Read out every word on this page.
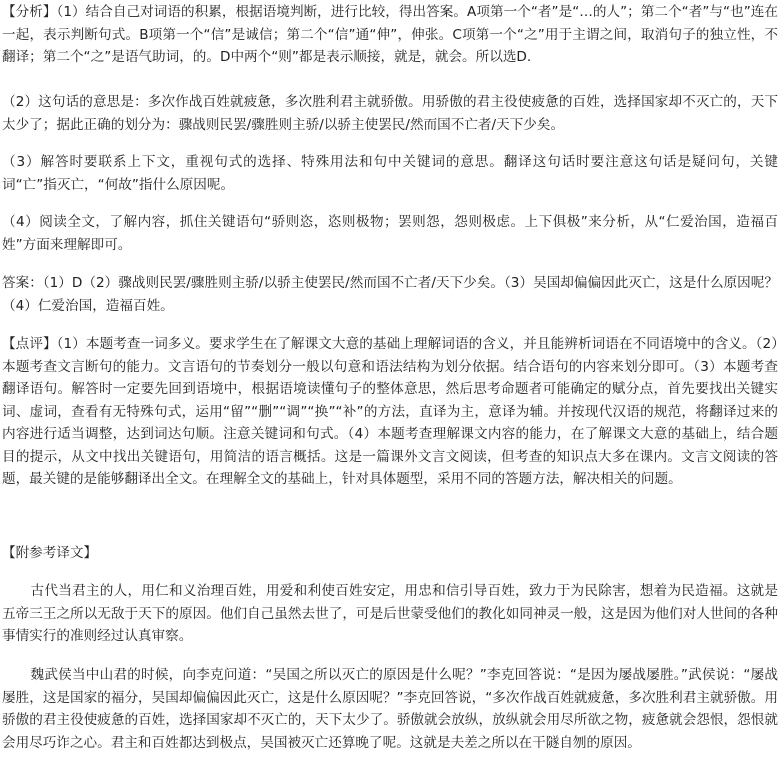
【分析】（1）结合自己对词语的积累，根据语境判断，进行比较，得出答案。A项第一个“者”是“…的人”；第二个“者”与“也”连在一起，表示判断句式。B项第一个“信”是诚信；第二个“信”通“伸”，伸张。C项第一个“之”用于主谓之间，取消句子的独立性，不翻译；第二个“之”是语气助词，的。D中两个“则”都是表示顺接，就是，就会。所以选D.

（2）这句话的意思是：多次作战百姓就疲惫，多次胜利君主就骄傲。用骄傲的君主役使疲惫的百姓，选择国家却不灭亡的，天下太少了；据此正确的划分为：骤战则民罢/骤胜则主骄/以骄主使罢民/然而国不亡者/天下少矣。

（3）解答时要联系上下文，重视句式的选择、特殊用法和句中关键词的意思。翻译这句话时要注意这句话是疑问句，关键词“亡”指灭亡，“何故”指什么原因呢。

（4）阅读全文，了解内容，抓住关键语句“骄则恣，恣则极物；罢则怨，怨则极虑。上下俱极”来分析，从“仁爱治国，造福百姓”方面来理解即可。

答案：（1）D（2）骤战则民罢/骤胜则主骄/以骄主使罢民/然而国不亡者/天下少矣。（3）吴国却偏偏因此灭亡，这是什么原因呢？（4）仁爱治国，造福百姓。

【点评】（1）本题考查一词多义。要求学生在了解课文大意的基础上理解词语的含义，并且能辨析词语在不同语境中的含义。（2）本题考查文言断句的能力。文言语句的节奏划分一般以句意和语法结构为划分依据。结合语句的内容来划分即可。（3）本题考查翻译语句。解答时一定要先回到语境中，根据语境读懂句子的整体意思，然后思考命题者可能确定的赋分点，首先要找出关键实词、虚词，查看有无特殊句式，运用“留”“删”“调”“换”“补”的方法，直译为主，意译为辅。并按现代汉语的规范，将翻译过来的内容进行适当调整，达到词达句顺。注意关键词和句式。（4）本题考查理解课文内容的能力，在了解课文大意的基础上，结合题目的提示，从文中找出关键语句，用简洁的语言概括。这是一篇课外文言文阅读，但考查的知识点大多在课内。文言文阅读的答题，最关键的是能够翻译出全文。在理解全文的基础上，针对具体题型，采用不同的答题方法，解决相关的问题。

【附参考译文】

古代当君主的人，用仁和义治理百姓，用爱和利使百姓安定，用忠和信引导百姓，致力于为民除害，想着为民造福。这就是五帝三王之所以无敌于天下的原因。他们自己虽然去世了，可是后世蒙受他们的教化如同神灵一般，这是因为他们对人世间的各种事情实行的准则经过认真审察。

魏武侯当中山君的时候，向李克问道：“吴国之所以灭亡的原因是什么呢？”李克回答说：“是因为屡战屡胜。”武侯说：“屡战屡胜，这是国家的福分，吴国却偏偏因此灭亡，这是什么原因呢？”李克回答说，“多次作战百姓就疲惫，多次胜利君主就骄傲。用骄傲的君主役使疲惫的百姓，选择国家却不灭亡的，天下太少了。骄傲就会放纵，放纵就会用尽所欲之物，疲惫就会怨恨，怨恨就会用尽巧诈之心。君主和百姓都达到极点，吴国被灭亡还算晚了呢。这就是夫差之所以在干隧自刎的原因。
